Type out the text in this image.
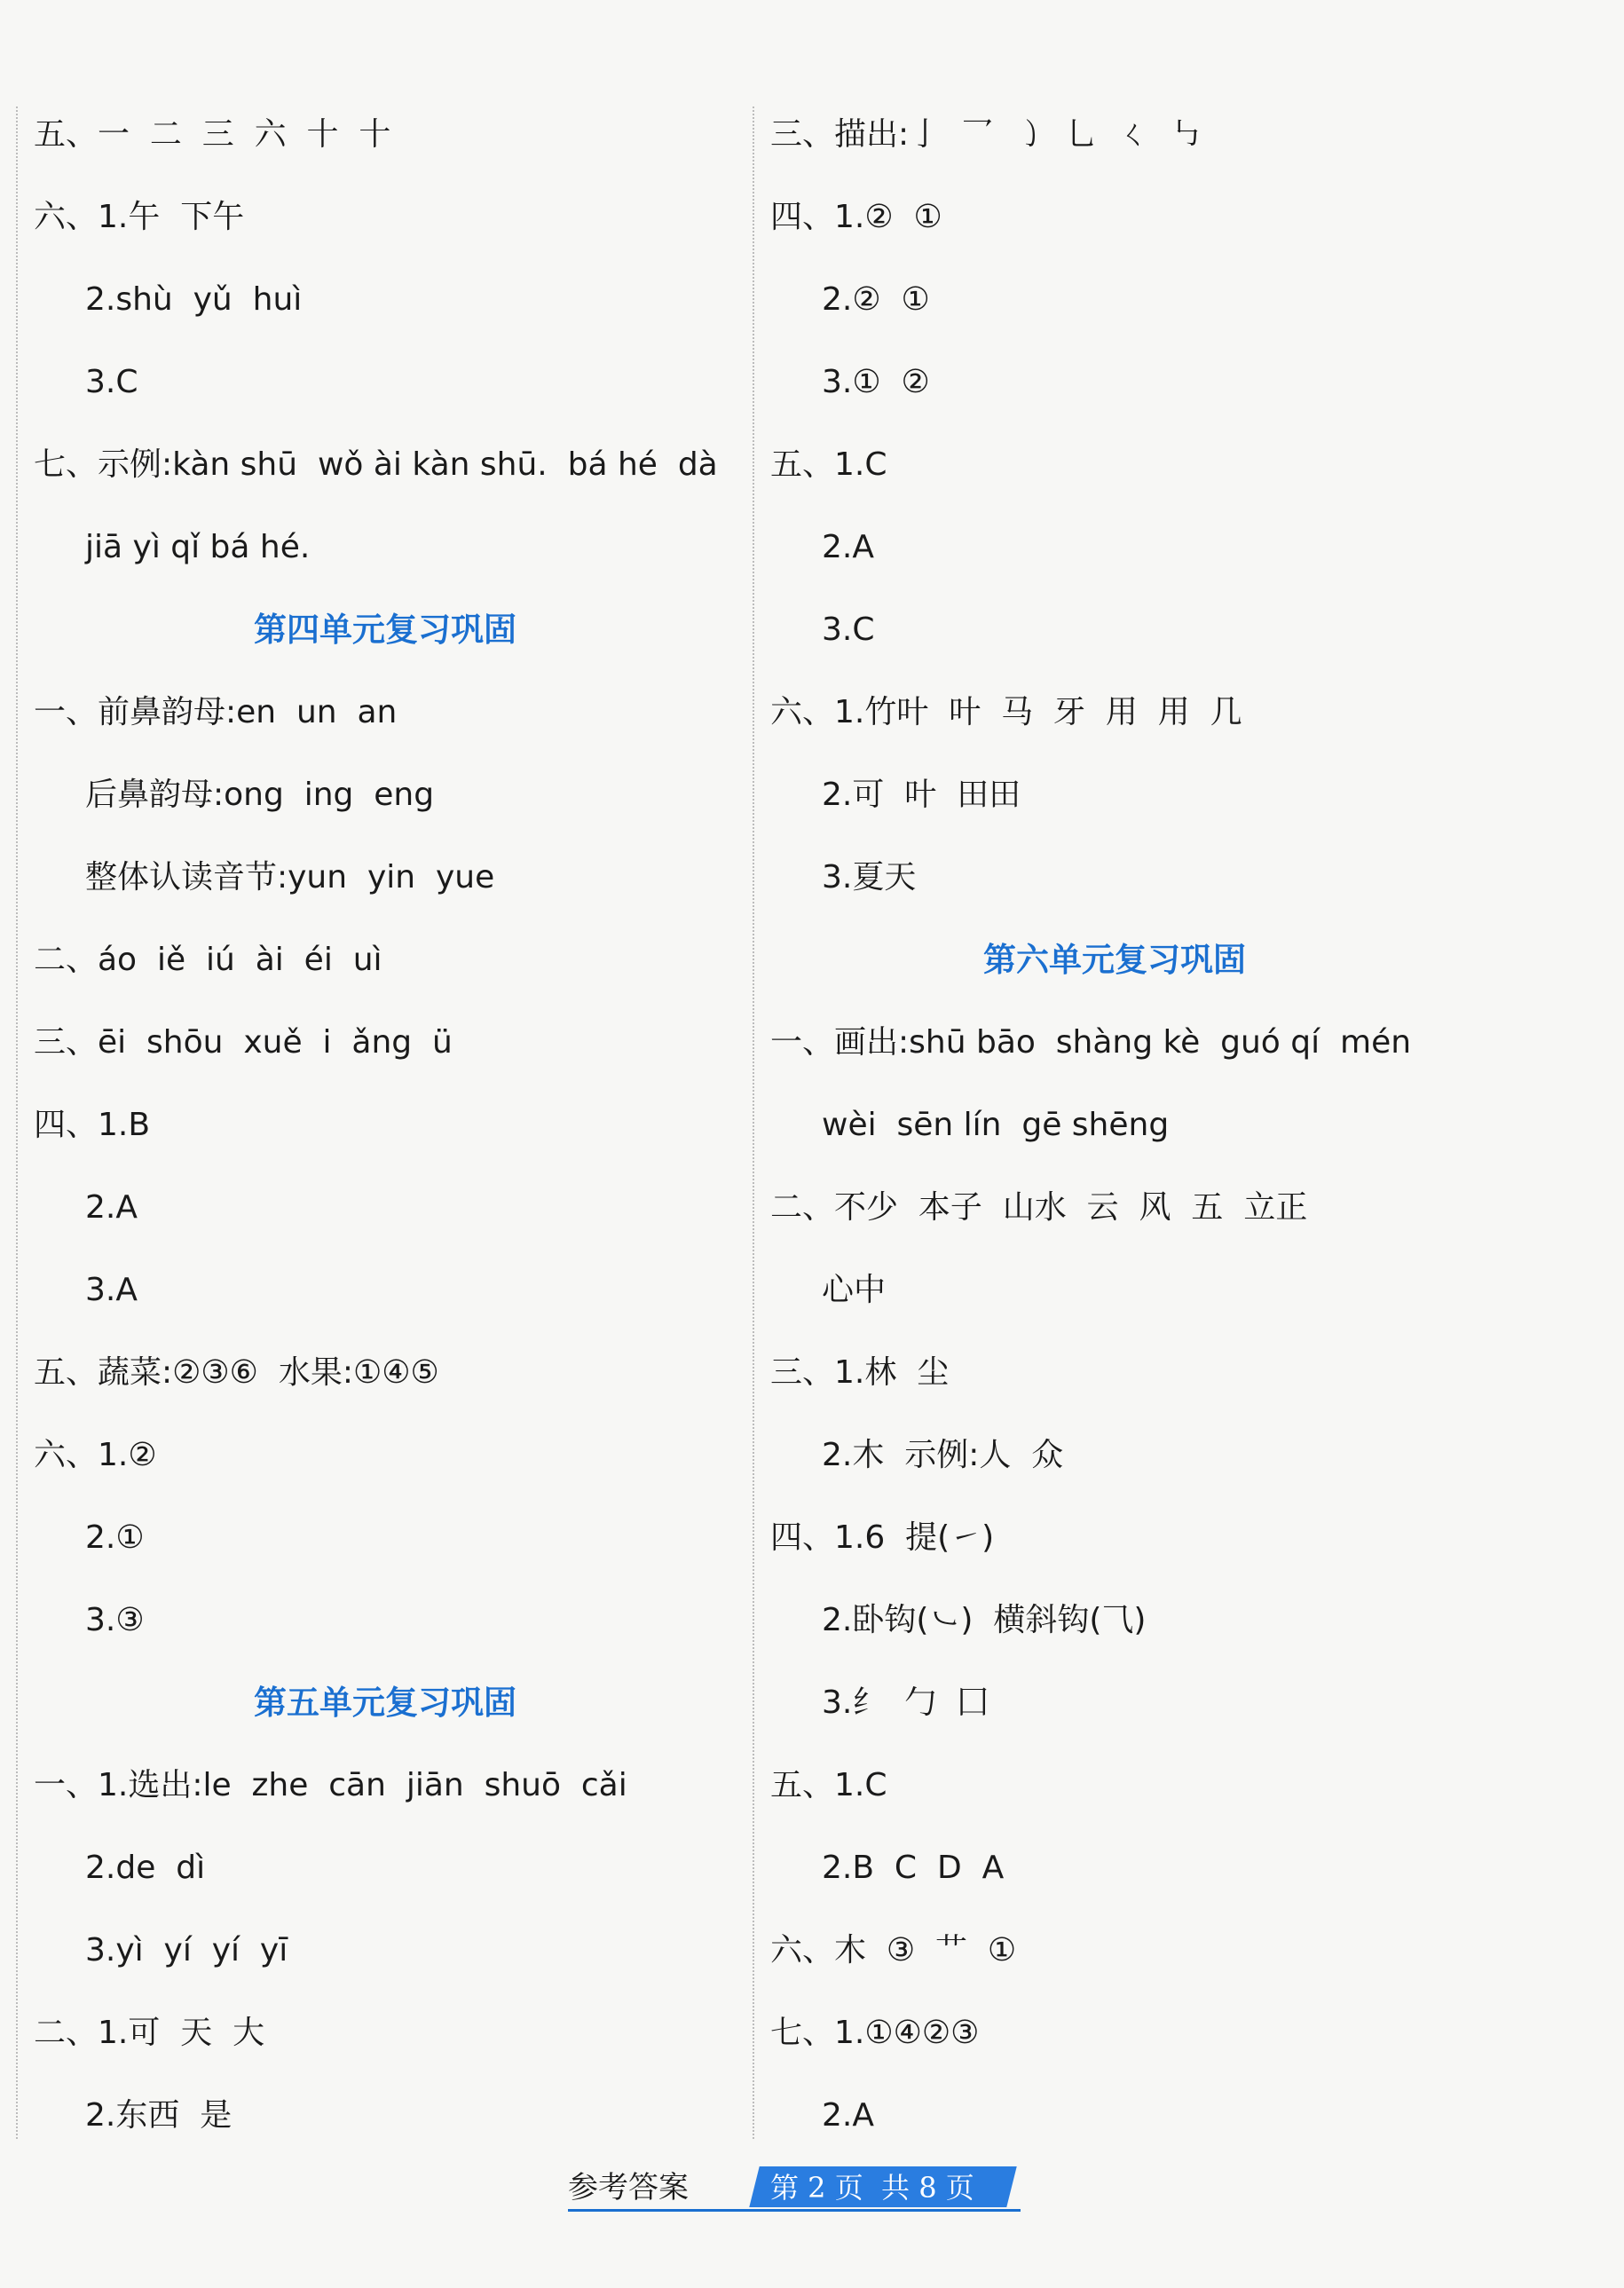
五、一  二  三  六  十  十
六、1.午  下午
2.shù  yǔ  huì
3.C
七、示例:kàn shū  wǒ ài kàn shū.  bá hé  dà
jiā yì qǐ bá hé.
第四单元复习巩固
一、前鼻韵母:en  un  an
后鼻韵母:ong  ing  eng
整体认读音节:yun  yin  yue
二、áo  iě  iú  ài  éi  uì
三、ēi  shōu  xuě  i  ǎng  ü
四、1.B
2.A
3.A
五、蔬菜:②③⑥  水果:①④⑤
六、1.②
2.①
3.③
第五单元复习巩固
一、1.选出:le  zhe  cān  jiān  shuō  cǎi
2.de  dì
3.yì  yí  yí  yī
二、1.可  天  大
2.东西  是
三、描出:亅  乛  ㇁  乚  ㄑ  ㇉
四、1.②  ①
2.②  ①
3.①  ②
五、1.C
2.A
3.C
六、1.竹叶  叶  马  牙  用  用  几
2.可  叶  田田
3.夏天
第六单元复习巩固
一、画出:shū bāo  shàng kè  guó qí  mén
wèi  sēn lín  gē shēng
二、不少  本子  山水  云  风  五  立正
心中
三、1.林  尘
2.木  示例:人  众
四、1.6  提(㇀)
2.卧钩(㇃)  横斜钩(⺄)
3.纟  勹  囗
五、1.C
2.B  C  D  A
六、木  ③  艹  ①
七、1.①④②③
2.A
参考答案	第 2 页  共 8 页
